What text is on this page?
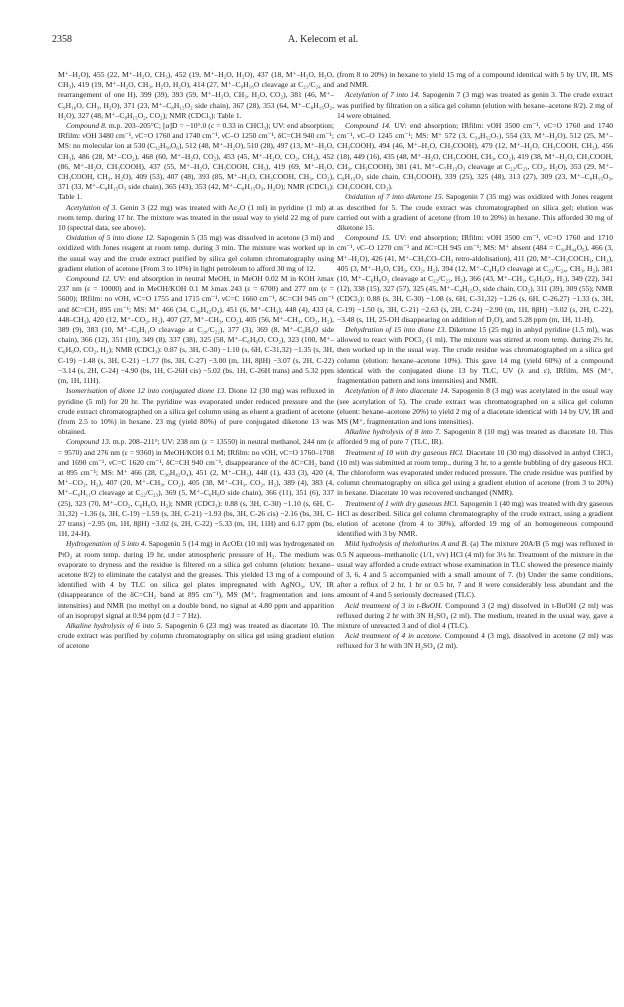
2358	A. Kelecom et al.

M⁺–H₂O), 455 (22, M⁺–H₂O, CH₃), 452 (19, M⁺–H₂O, H₂O), 437 (18, M⁺–H₂O, H₂O, CH₃), 419 (19, M⁺–H₂O, CH₃, H₂O, H₂O), 414 (27, M⁺–C₉H₁₆O cleavage at C₂₁/C₂₄ and rearrangement of one H), 399 (39), 393 (59, M⁺–H₂O, CH₃, H₂O, CO₂), 381 (46, M⁺–C₉H₁₆O, CH₃, H₂O), 371 (23, M⁺–C₈H₁₅O₂ side chain), 367 (28), 353 (64, M⁺–C₈H₁₅O₂, H₂O), 327 (48, M⁺–C₈H₁₅O₂, CO₂); NMR (CDCl₃): Table 1.

Compound 8. m.p. 203–205°C; [α]D = −10°.0 (c = 0.33 in CHCl₃); UV: end absorption; IRfilm: νOH 3480 cm⁻¹, νC=O 1760 and 1740 cm⁻¹, νC–O 1250 cm⁻¹, δC=CH 940 cm⁻¹; MS: no molecular ion at 530 (C₃₂H₅₀O₆), 512 (48, M⁺–H₂O), 510 (28), 497 (13, M⁺–H₂O, CH₃), 486 (28, M⁺–CO₂), 468 (60, M⁺–H₂O, CO₂), 453 (45, M⁺–H₂O, CO₂, CH₃), 452 (86, M⁺–H₂O, CH₃COOH), 437 (55, M⁺–H₂O, CH₃COOH, CH₃), 419 (69, M⁺–H₂O, CH₃COOH, CH₃, H₂O), 409 (53), 407 (48), 393 (85, M⁺–H₂O, CH₃COOH, CH₃, CO₂), 371 (33, M⁺–C₈H₁₅O₃ side chain), 365 (43), 353 (42, M⁺–C₈H₁₅O₃, H₂O); NMR (CDCl₃): Table 1.

Acetylation of 3. Genin 3 (22 mg) was treated with Ac₂O (1 ml) in pyridine (1 ml) at room temp. during 17 hr. The mixture was treated in the usual way to yield 22 mg of pure 10 (spectral data, see above).

Oxidation of 5 into dione 12. Sapogenin 5 (35 mg) was dissolved in acetone (3 ml) and oxidized with Jones reagent at room temp. during 3 min. The mixture was worked up in the usual way and the crude extract purified by silica gel column chromatography using gradient elution of acetone (From 3 to 10%) in light petroleum to afford 30 mg of 12.

Compound 12. UV: end absorption in neutral MeOH, in MeOH 0.02 M in KOH λmax 237 nm (ε = 10000) and in MeOH/KOH 0.1 M λmax 243 (ε = 6700) and 277 nm (ε = 5600); IRfilm: no νOH, νC=O 1755 and 1715 cm⁻¹, νC=C 1660 cm⁻¹, δC=CH 945 cm⁻¹ and δC=CH₂ 895 cm⁻¹; MS: M⁺ 466 (34, C₃₀H₄₂O₄), 451 (6, M⁺–CH₃), 448 (4), 433 (4, 448–CH₃), 420 (12, M⁺–CO₂, H₂), 407 (27, M⁺–CH₃, CO₂), 405 (56, M⁺–CH₃, CO₂, H₂), 389 (9), 383 (10, M⁺–C₆H₁₁O cleavage at C₂₀/C₂₂), 377 (3), 369 (8, M⁺–C₆H₉O side chain), 366 (12), 351 (10), 349 (8), 337 (38), 325 (58, M⁺–C₆H₉O, CO₂), 323 (100, M⁺–C₆H₉O, CO₂, H₂); NMR (CDCl₃): 0.87 (s, 3H, C-30) −1.10 (s, 6H, C-31,32) −1.35 (s, 3H, C-19) −1.48 (s, 3H, C-21) −1.77 (bs, 3H, C-27) −3.00 (m, 1H, 8βH) −3.07 (s, 2H, C-22) −3.14 (s, 2H, C-24) −4.90 (bs, 1H, C-26H cis) −5.02 (bs, 1H, C-26H trans) and 5.32 ppm (m, 1H, 11H).

Isomerisation of dione 12 into conjugated dione 13. Dione 12 (30 mg) was refluxed in pyridine (5 ml) for 20 hr. The pyridine was evaporated under reduced pressure and the crude extract chromatographed on a silica gel column using as eluent a gradient of acetone (from 2.5 to 10%) in hexane. 23 mg (yield 80%) of pure conjugated diketone 13 was obtained.

Compound 13. m.p. 208–211°; UV: 238 nm (ε = 13550) in neutral methanol, 244 nm (ε = 9570) and 276 nm (ε = 9360) in MeOH/KOH 0.1 M; IRfilm: no νOH, νC=O 1760–1708 and 1690 cm⁻¹, νC=C 1620 cm⁻¹, δC=CH 940 cm⁻¹, disappearance of the δC=CH₂ band at 895 cm⁻¹; MS: M⁺ 466 (28, C₃₀H₄₂O₄), 451 (2, M⁺–CH₃), 448 (1), 433 (3), 420 (4, M⁺–CO₂, H₂), 407 (20, M⁺–CH₃, CO₂), 405 (38, M⁺–CH₃, CO₂, H₂), 389 (4), 383 (4, M⁺–C₆H₁₁O cleavage at C₂₂/C₂₃), 369 (5, M⁺–C₆H₉O side chain), 366 (11), 351 (6), 337 (25), 323 (70, M⁺–CO₂, C₆H₉O, H₂); NMR (CDCl₃): 0.88 (s, 3H, C-30) −1.10 (s, 6H, C-31,32) −1.36 (s, 3H, C-19) −1.59 (s, 3H, C-21) −1.93 (bs, 3H, C-26 cis) −2.16 (bs, 3H, C-27 trans) −2.95 (m, 1H, 8βH) −3.02 (s, 2H, C-22) −5.33 (m, 1H, 11H) and 6.17 ppm (bs, 1H, 24-H).

Hydrogenation of 5 into 4. Sapogenin 5 (14 mg) in AcOEt (10 ml) was hydrogenated on PtO₂ at room temp. during 19 hr, under atmospheric pressure of H₂. The medium was evaporate to dryness and the residue is filtered on a silica gel column (elution: hexane–acetone 8/2) to eliminate the catalyst and the greases. This yielded 13 mg of a compound identified with 4 by TLC on silica gel plates impregnated with AgNO₃, UV, IR (disappearance of the δC=CH₂ band at 895 cm⁻¹), MS (M⁺, fragmentation and ions intensities) and NMR (no methyl on a double bond, no signal at 4.80 ppm and apparition of an isopropyl signal at 0.94 ppm (d J = 7 Hz).

Alkaline hydrolysis of 6 into 5. Sapogenin 6 (23 mg) was treated as diacetate 10. The crude extract was purified by column chromatography on silica gel using gradient elution of acetone

(from 8 to 20%) in hexane to yield 15 mg of a compound identical with 5 by UV, IR, MS and NMR.

Acetylation of 7 into 14. Sapogenin 7 (3 mg) was treated as genin 3. The crude extract was purified by filtration on a silica gel column (elution with hexane–acetone 8/2). 2 mg of 14 were obtained.

Compound 14. UV: end absorption; IRfilm: νOH 3500 cm⁻¹, νC=O 1760 and 1740 cm⁻¹, νC–O 1245 cm⁻¹; MS: M⁺ 572 (3, C₃₄H₅₂O₇), 554 (33, M⁺–H₂O), 512 (25, M⁺–CH₃COOH), 494 (46, M⁺–H₂O, CH₃COOH), 479 (12, M⁺–H₂O, CH₃COOH, CH₃), 456 (18), 449 (16), 435 (48, M⁺–H₂O, CH₃COOH, CH₃, CO₂), 419 (38, M⁺–H₂O, CH₃COOH, CH₃, CH₃COOH), 381 (41, M⁺–C₇H₁₃O₃ cleavage at C₂₂/C₂₃, CO₂, H₂O), 353 (29, M⁺–C₈H₁₅O₃ side chain, CH₃COOH), 339 (25), 325 (48), 313 (27), 309 (23, M⁺–C₈H₁₅O₃, CH₃COOH, CO₂).

Oxidation of 7 into diketone 15. Sapogenin 7 (35 mg) was oxidized with Jones reagent as described for 5. The crude extract was chromatographed on silica gel; elution was carried out with a gradient of acetone (from 10 to 20%) in hexane. This afforded 30 mg of diketone 15.

Compound 15. UV: end absorption; IRfilm: νOH 3500 cm⁻¹, νC=O 1760 and 1710 cm⁻¹, νC–O 1270 cm⁻¹ and δC=CH 945 cm⁻¹; MS: M⁺ absent (484 = C₃₀H₄₄O₅), 466 (3, M⁺–H₂O), 426 (41, M⁺–CH₃CO–CH₃ retro-aldolisation), 411 (20, M⁺–CH₃COCH₃, CH₃), 405 (3, M⁺–H₂O, CH₃, CO₂, H₂), 394 (12, M⁺–C₄H₈O cleavage at C₂₃/C₂₄, CH₃, H₂), 381 (10, M⁺–C₆H₉O₂ cleavage at C₂₂/C₂₃, H₂), 366 (43, M⁺–CH₃, C₅H₉O₂, H₂), 349 (22), 341 (12), 338 (15), 327 (57), 325 (45, M⁺–C₈H₁₅O₃ side chain, CO₂), 311 (39), 309 (55); NMR (CDCl₃): 0.88 (s, 3H, C-30) −1.08 (s, 6H, C-31,32) −1.26 (s, 6H, C-26,27) −1.33 (s, 3H, C-19) −1.50 (s, 3H, C-21) −2.63 (s, 2H, C-24) −2.90 (m, 1H, 8βH) −3.02 (s, 2H, C-22), −3.48 (s, 1H, 25-OH disappearing on addition of D₂O), and 5.28 ppm (m, 1H, 11-H).

Dehydration of 15 into dione 13. Diketone 15 (25 mg) in anhyd pyridine (1.5 ml), was allowed to react with POCl₃ (1 ml). The mixture was stirred at room temp. during 2½ hr, then worked up in the usual way. The crude residue was chromatographed on a silica gel column (elution: hexane–acetone 10%). This gave 14 mg (yield 60%) of a compound identical with the conjugated dione 13 by TLC, UV (λ and ε), IRfilm, MS (M⁺, fragmentation pattern and ions intensities) and NMR.

Acetylation of 8 into diacetate 14. Sapogenin 8 (3 mg) was acetylated in the usual way (see acetylation of 5). The crude extract was chromatographed on a silica gel column (eluent: hexane–acetone 20%) to yield 2 mg of a diacetate identical with 14 by UV, IR and MS (M⁺, fragmentation and ions intensities).

Alkaline hydrolysis of 8 into 7. Sapogenin 8 (10 mg) was treated as diacetate 10. This afforded 9 mg of pure 7 (TLC, IR).

Treatment of 10 with dry gaseous HCl. Diacetate 10 (30 mg) dissolved in anhyd CHCl₃ (10 ml) was submitted at room temp., during 3 hr, to a gentle bubbling of dry gaseous HCl. The chloroform was evaporated under reduced pressure. The crude residue was purified by column chromatography on silica gel using a gradient elution of acetone (from 3 to 20%) in hexane. Diacetate 10 was recovered unchanged (NMR).

Treatment of 1 with dry gaseous HCl. Sapogenin 1 (40 mg) was treated with dry gaseous HCl as described. Silica gel column chromatography of the crude extract, using a gradient elution of acetone (from 4 to 30%), afforded 19 mg of an homogeneous compound identified with 3 by NMR.

Mild hydrolysis of thelothurins A and B. (a) The mixture 20A/B (5 mg) was refluxed in 0.5 N aqueous–methanolic (1/1, v/v) HCl (4 ml) for 3½ hr. Treatment of the mixture in the usual way afforded a crude extract whose examination in TLC showed the presence mainly of 3, 6, 4 and 5 accompanied with a small amount of 7. (b) Under the same conditions, after a reflux of 2 hr, 1 hr or 0.5 hr, 7 and 8 were considerably less abundant and the amount of 4 and 5 seriously decreased (TLC).

Acid treatment of 3 in t-BuOH. Compound 3 (2 mg) dissolved in t-BuOH (2 ml) was refluxed during 2 hr with 3N H₂SO₄ (2 ml). The medium, treated in the usual way, gave a mixture of unreacted 3 and of diol 4 (TLC).

Acid treatment of 4 in acetone. Compound 4 (3 mg), dissolved in acetone (2 ml) was refluxed for 3 hr with 3N H₂SO₄ (2 ml).
